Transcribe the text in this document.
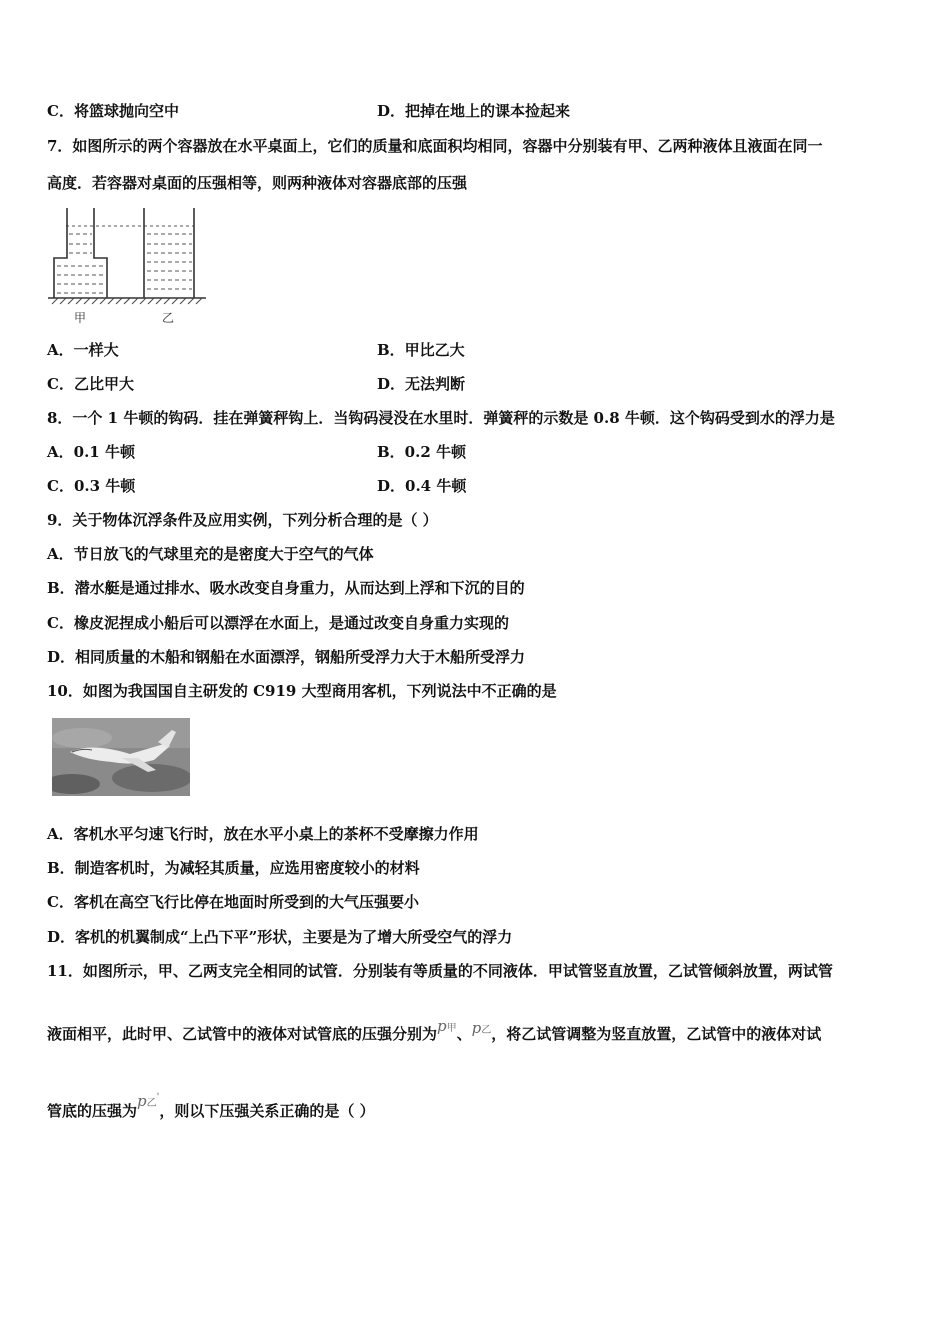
C．将篮球抛向空中	D．把掉在地上的课本捡起来
7．如图所示的两个容器放在水平桌面上，它们的质量和底面积均相同，容器中分别装有甲、乙两种液体且液面在同一
高度．若容器对桌面的压强相等，则两种液体对容器底部的压强
甲	乙
A．一样大	B．甲比乙大
C．乙比甲大	D．无法判断
8．一个 1 牛顿的钩码．挂在弹簧秤钩上．当钩码浸没在水里时．弹簧秤的示数是 0.8 牛顿．这个钩码受到水的浮力是
A．0.1 牛顿	B．0.2 牛顿
C．0.3 牛顿	D．0.4 牛顿
9．关于物体沉浮条件及应用实例，下列分析合理的是（ ）
A．节日放飞的气球里充的是密度大于空气的气体
B．潜水艇是通过排水、吸水改变自身重力，从而达到上浮和下沉的目的
C．橡皮泥捏成小船后可以漂浮在水面上，是通过改变自身重力实现的
D．相同质量的木船和钢船在水面漂浮，钢船所受浮力大于木船所受浮力
10．如图为我国国自主研发的 C919 大型商用客机，下列说法中不正确的是
A．客机水平匀速飞行时，放在水平小桌上的茶杯不受摩擦力作用
B．制造客机时，为减轻其质量，应选用密度较小的材料
C．客机在高空飞行比停在地面时所受到的大气压强要小
D．客机的机翼制成“上凸下平”形状，主要是为了增大所受空气的浮力
11．如图所示，甲、乙两支完全相同的试管．分别装有等质量的不同液体．甲试管竖直放置，乙试管倾斜放置，两试管
液面相平，此时甲、乙试管中的液体对试管底的压强分别为p甲、p乙，将乙试管调整为竖直放置，乙试管中的液体对试
管底的压强为p乙'，则以下压强关系正确的是（ ）
